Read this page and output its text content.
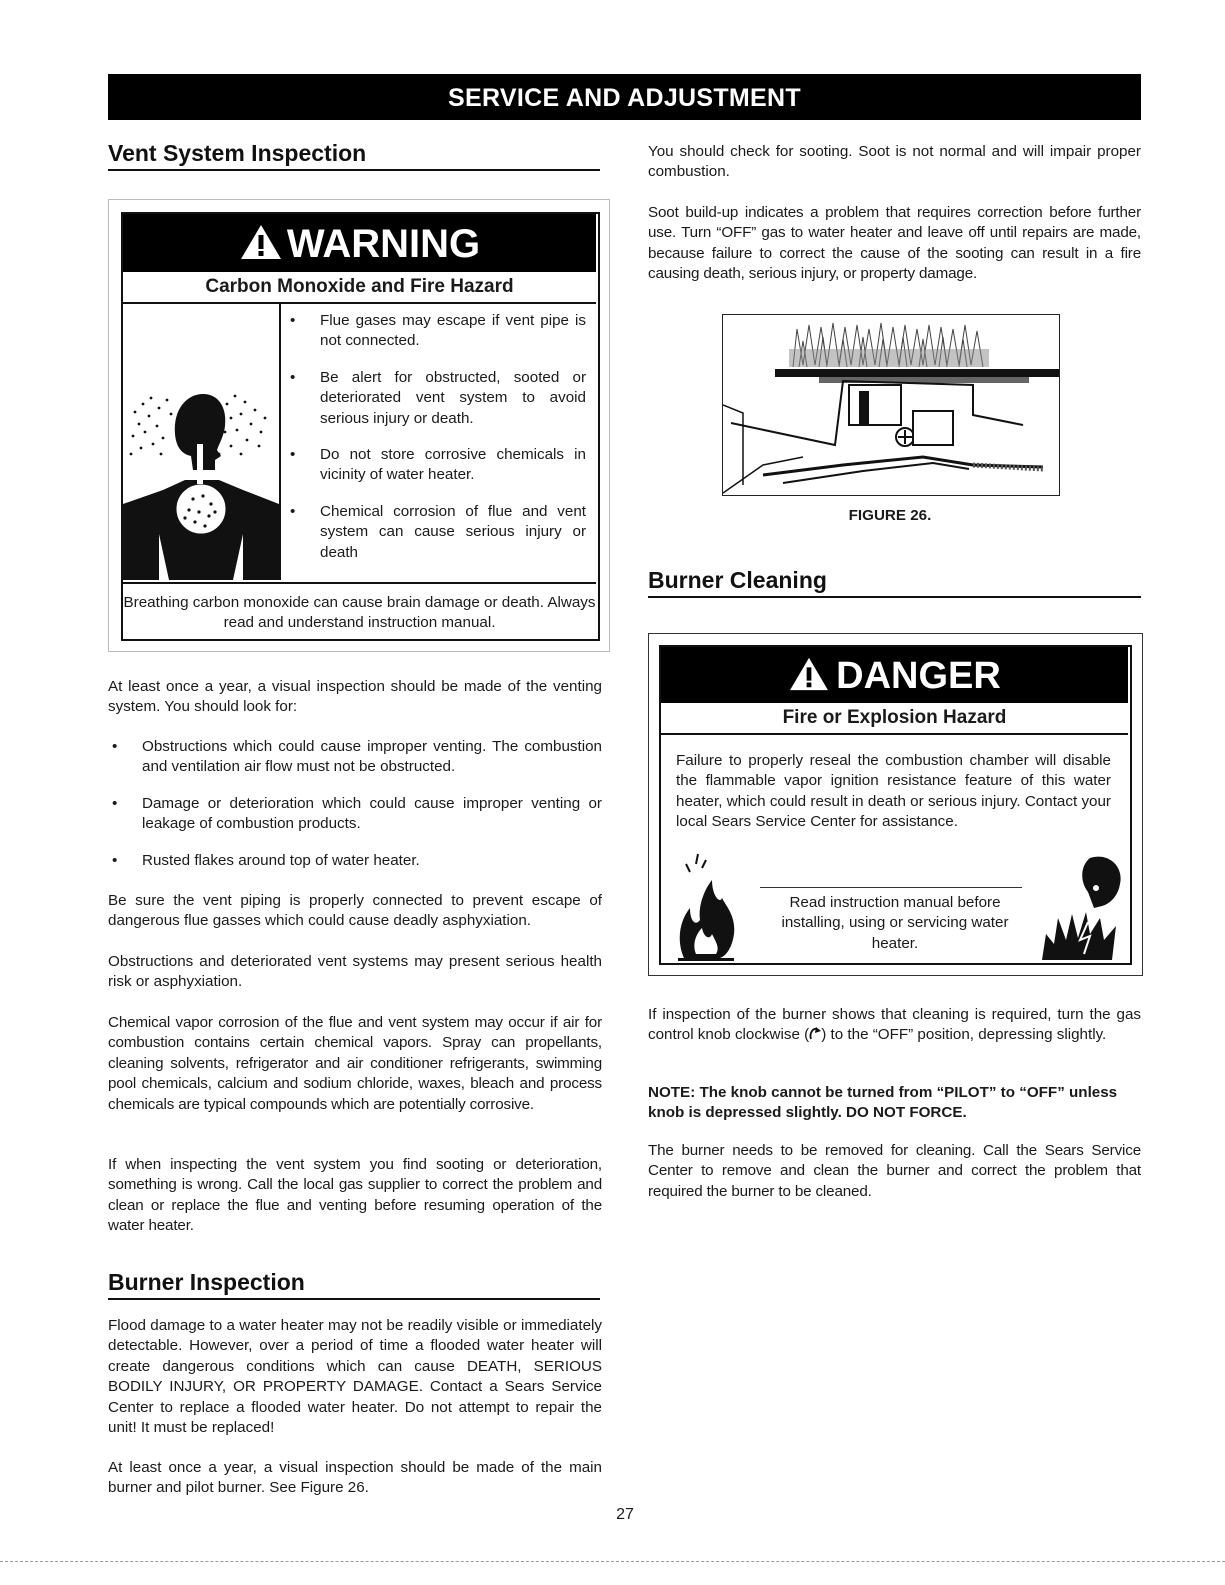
SERVICE AND ADJUSTMENT
Vent System Inspection
WARNING
Carbon Monoxide and Fire Hazard
• Flue gases may escape if vent pipe is not connected.
• Be alert for obstructed, sooted or deteriorated vent system to avoid serious injury or death.
• Do not store corrosive chemicals in vicinity of water heater.
• Chemical corrosion of flue and vent system can cause serious injury or death
Breathing carbon monoxide can cause brain damage or death. Always read and understand instruction manual.
At least once a year, a visual inspection should be made of the venting system. You should look for:
• Obstructions which could cause improper venting. The combustion and ventilation air flow must not be obstructed.
• Damage or deterioration which could cause improper venting or leakage of combustion products.
• Rusted flakes around top of water heater.
Be sure the vent piping is properly connected to prevent escape of dangerous flue gasses which could cause deadly asphyxiation.
Obstructions and deteriorated vent systems may present serious health risk or asphyxiation.
Chemical vapor corrosion of the flue and vent system may occur if air for combustion contains certain chemical vapors. Spray can propellants, cleaning solvents, refrigerator and air conditioner refrigerants, swimming pool chemicals, calcium and sodium chloride, waxes, bleach and process chemicals are typical compounds which are potentially corrosive.
If when inspecting the vent system you find sooting or deterioration, something is wrong. Call the local gas supplier to correct the problem and clean or replace the flue and venting before resuming operation of the water heater.
Burner Inspection
Flood damage to a water heater may not be readily visible or immediately detectable. However, over a period of time a flooded water heater will create dangerous conditions which can cause DEATH, SERIOUS BODILY INJURY, OR PROPERTY DAMAGE. Contact a Sears Service Center to replace a flooded water heater. Do not attempt to repair the unit! It must be replaced!
At least once a year, a visual inspection should be made of the main burner and pilot burner. See Figure 26.
You should check for sooting. Soot is not normal and will impair proper combustion.
Soot build-up indicates a problem that requires correction before further use. Turn “OFF” gas to water heater and leave off until repairs are made, because failure to correct the cause of the sooting can result in a fire causing death, serious injury, or property damage.
FIGURE 26.
Burner Cleaning
DANGER
Fire or Explosion Hazard
Failure to properly reseal the combustion chamber will disable the flammable vapor ignition resistance feature of this water heater, which could result in death or serious injury. Contact your local Sears Service Center for assistance.
Read instruction manual before installing, using or servicing water heater.
If inspection of the burner shows that cleaning is required, turn the gas control knob clockwise ( ) to the “OFF” position, depressing slightly.
NOTE: The knob cannot be turned from “PILOT” to “OFF” unless knob is depressed slightly. DO NOT FORCE.
The burner needs to be removed for cleaning. Call the Sears Service Center to remove and clean the burner and correct the problem that required the burner to be cleaned.
27
